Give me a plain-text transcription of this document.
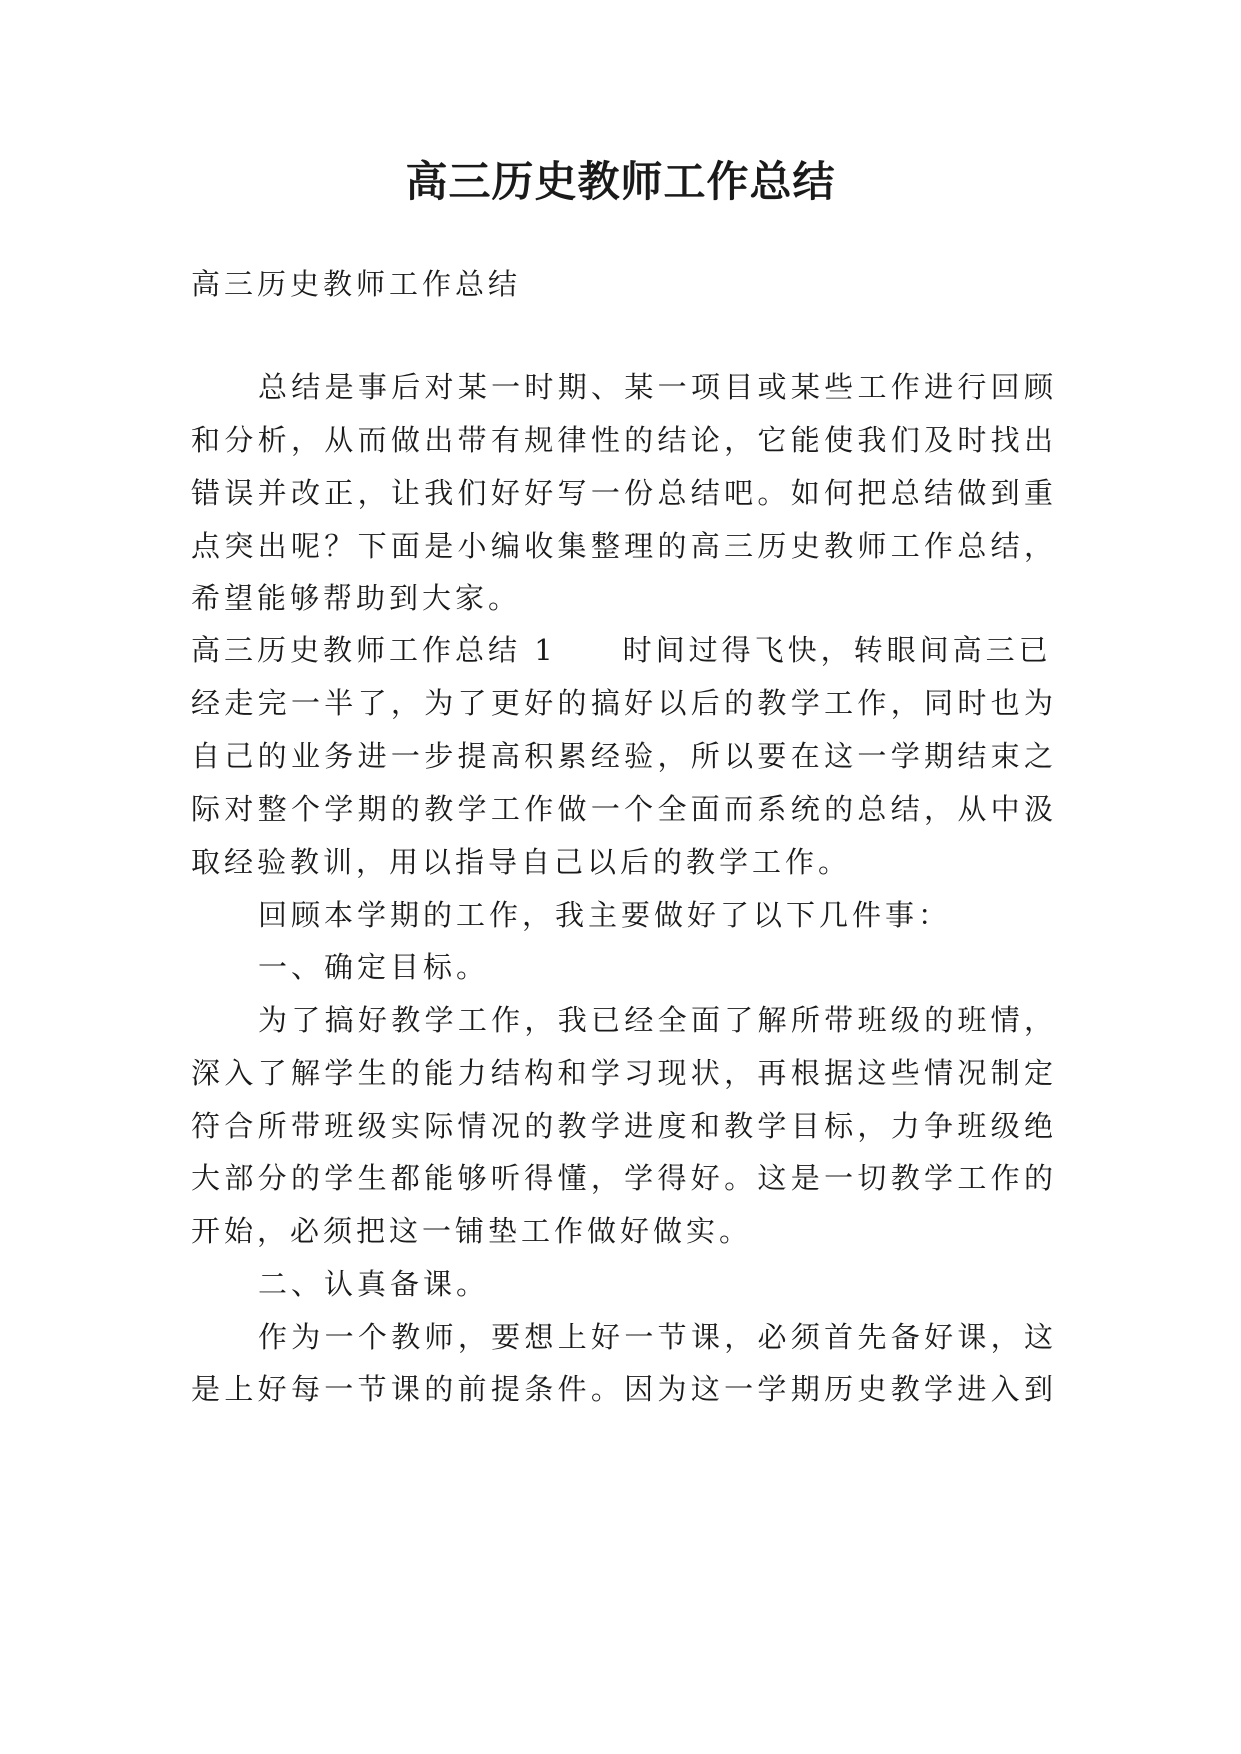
高三历史教师工作总结

高三历史教师工作总结

总结是事后对某一时期、某一项目或某些工作进行回顾

和分析，从而做出带有规律性的结论，它能使我们及时找出

错误并改正，让我们好好写一份总结吧。如何把总结做到重

点突出呢？下面是小编收集整理的高三历史教师工作总结，

希望能够帮助到大家。

高三历史教师工作总结 1 时间过得飞快，转眼间高三已

经走完一半了，为了更好的搞好以后的教学工作，同时也为

自己的业务进一步提高积累经验，所以要在这一学期结束之

际对整个学期的教学工作做一个全面而系统的总结，从中汲

取经验教训，用以指导自己以后的教学工作。

回顾本学期的工作，我主要做好了以下几件事：

一、确定目标。

为了搞好教学工作，我已经全面了解所带班级的班情，

深入了解学生的能力结构和学习现状，再根据这些情况制定

符合所带班级实际情况的教学进度和教学目标，力争班级绝

大部分的学生都能够听得懂，学得好。这是一切教学工作的

开始，必须把这一铺垫工作做好做实。

二、认真备课。

作为一个教师，要想上好一节课，必须首先备好课，这

是上好每一节课的前提条件。因为这一学期历史教学进入到
